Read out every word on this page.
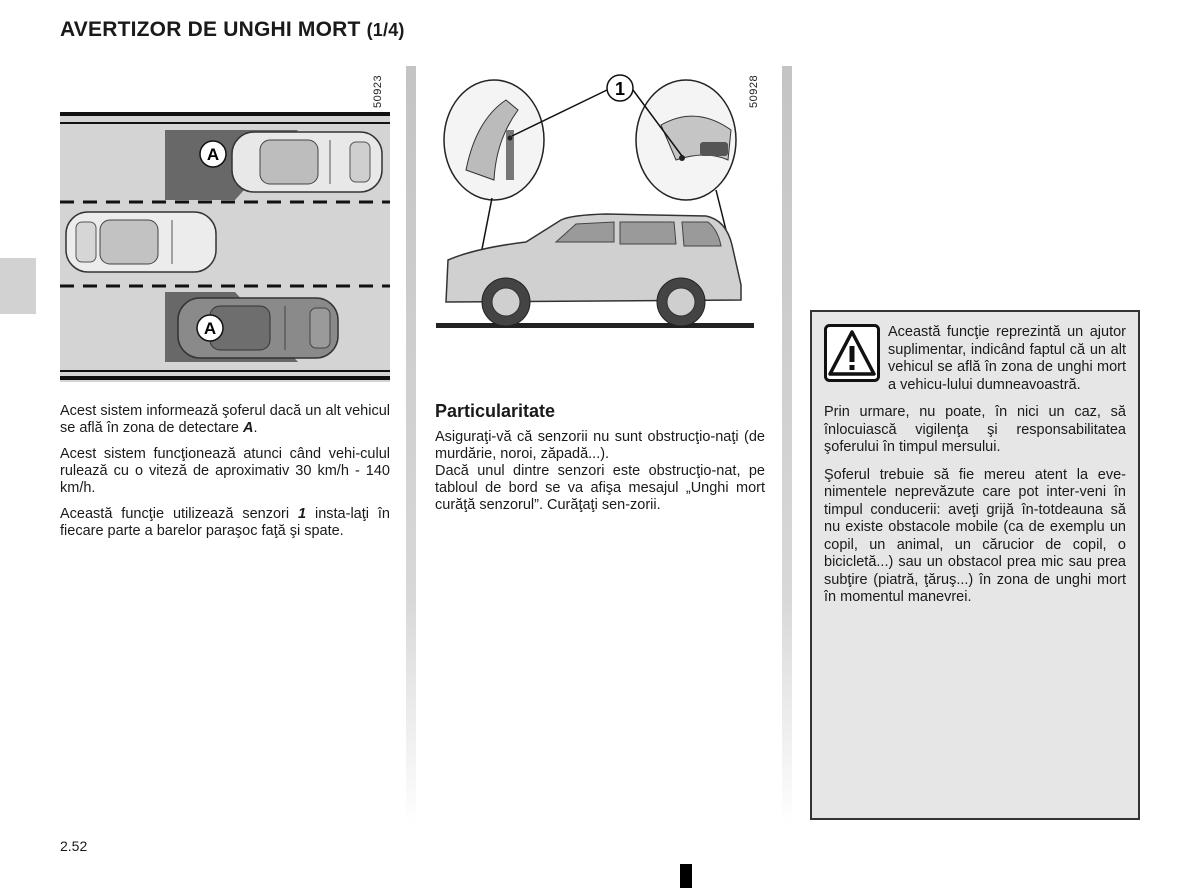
AVERTIZOR DE UNGHI MORT (1/4)
50923
A
A
50928
1

Acest sistem informează şoferul dacă un alt vehicul se află în zona de detectare A.

Acest sistem funcţionează atunci când vehi-culul rulează cu o viteză de aproximativ 30 km/h - 140 km/h.

Această funcţie utilizează senzori 1 insta-laţi în fiecare parte a barelor paraşoc faţă şi spate.

Particularitate

Asiguraţi-vă că senzorii nu sunt obstrucţio-naţi (de murdărie, noroi, zăpadă...).

Dacă unul dintre senzori este obstrucţio-nat, pe tabloul de bord se va afişa mesajul „Unghi mort curăţă senzorul”. Curăţaţi sen-zorii.

Această funcţie reprezintă un ajutor suplimentar, indicând faptul că un alt vehicul se află în zona de unghi mort a vehicu-lului dumneavoastră.

Prin urmare, nu poate, în nici un caz, să înlocuiască vigilenţa şi responsabilitatea şoferului în timpul mersului.

Şoferul trebuie să fie mereu atent la eve-nimentele neprevăzute care pot inter-veni în timpul conducerii: aveţi grijă în-totdeauna să nu existe obstacole mobile (ca de exemplu un copil, un animal, un cărucior de copil, o bicicletă...) sau un obstacol prea mic sau prea subţire (piatră, ţăruş...) în zona de unghi mort în momentul manevrei.

2.52
